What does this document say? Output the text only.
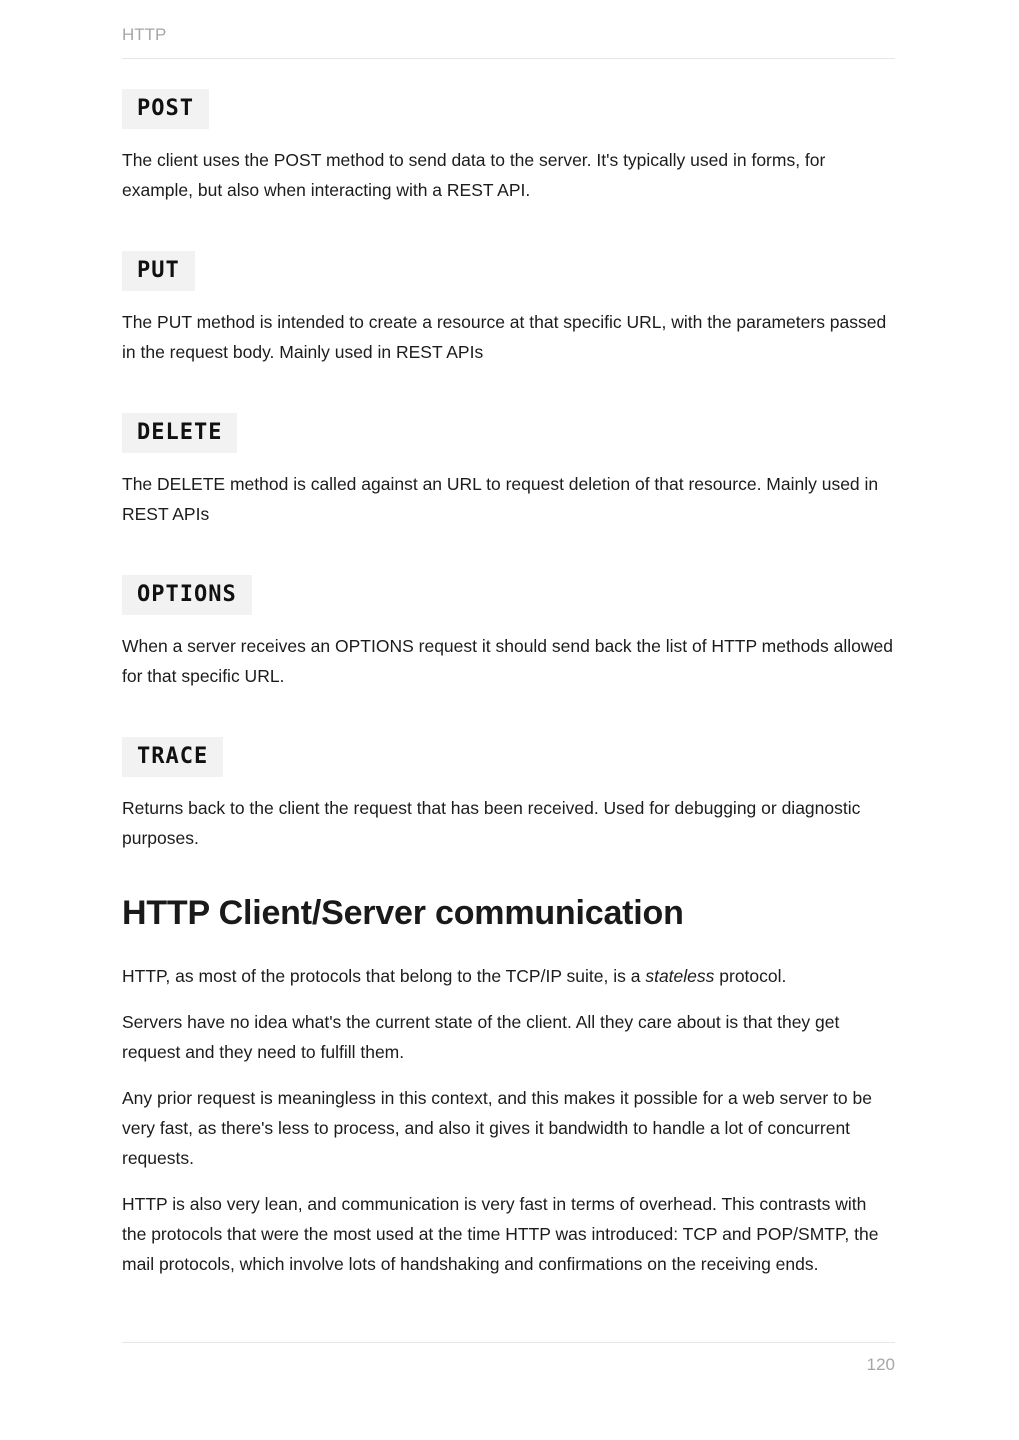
HTTP
POST

The client uses the POST method to send data to the server. It's typically used in forms, for example, but also when interacting with a REST API.

PUT

The PUT method is intended to create a resource at that specific URL, with the parameters passed in the request body. Mainly used in REST APIs

DELETE

The DELETE method is called against an URL to request deletion of that resource. Mainly used in REST APIs

OPTIONS

When a server receives an OPTIONS request it should send back the list of HTTP methods allowed for that specific URL.

TRACE

Returns back to the client the request that has been received. Used for debugging or diagnostic purposes.

HTTP Client/Server communication

HTTP, as most of the protocols that belong to the TCP/IP suite, is a stateless protocol.

Servers have no idea what's the current state of the client. All they care about is that they get request and they need to fulfill them.

Any prior request is meaningless in this context, and this makes it possible for a web server to be very fast, as there's less to process, and also it gives it bandwidth to handle a lot of concurrent requests.

HTTP is also very lean, and communication is very fast in terms of overhead. This contrasts with the protocols that were the most used at the time HTTP was introduced: TCP and POP/SMTP, the mail protocols, which involve lots of handshaking and confirmations on the receiving ends.

120
